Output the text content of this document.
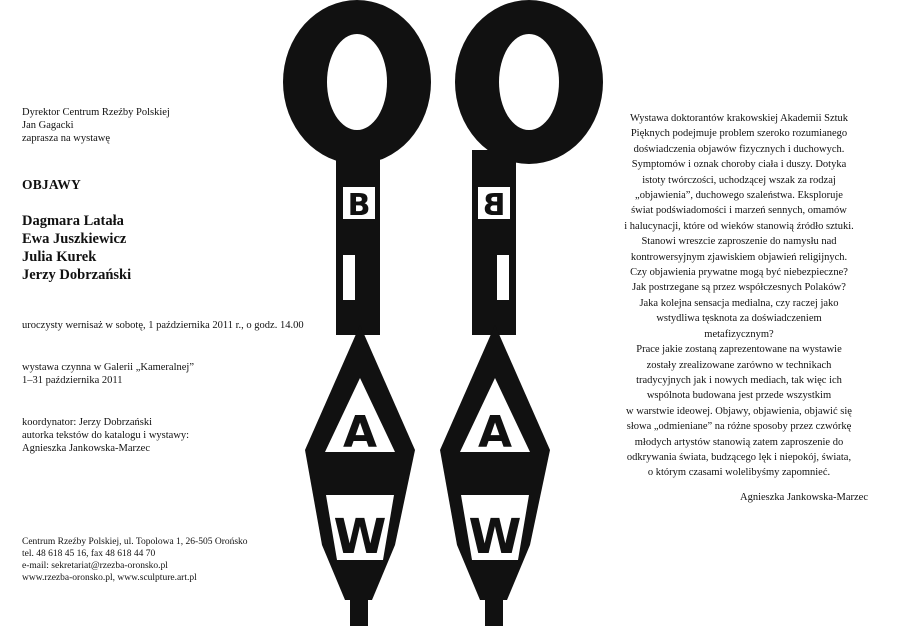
B
A
W
B
A
W
Dyrektor Centrum Rzeźby Polskiej
Jan Gagacki
zaprasza na wystawę
OBJAWY
Dagmara Latała
Ewa Juszkiewicz
Julia Kurek
Jerzy Dobrzański
uroczysty wernisaż w sobotę, 1 października 2011 r., o godz. 14.00
wystawa czynna w Galerii „Kameralnej”
1–31 października 2011
koordynator: Jerzy Dobrzański
autorka tekstów do katalogu i wystawy:
Agnieszka Jankowska-Marzec
Centrum Rzeźby Polskiej, ul. Topolowa 1, 26-505 Orońsko
tel. 48 618 45 16, fax 48 618 44 70
e-mail: sekretariat@rzezba-oronsko.pl
www.rzezba-oronsko.pl, www.sculpture.art.pl
Wystawa doktorantów krakowskiej Akademii Sztuk
Pięknych podejmuje problem szeroko rozumianego
doświadczenia objawów fizycznych i duchowych.
Symptomów i oznak choroby ciała i duszy. Dotyka
istoty twórczości, uchodzącej wszak za rodzaj
„objawienia”, duchowego szaleństwa. Eksploruje
świat podświadomości i marzeń sennych, omamów
i halucynacji, które od wieków stanowią źródło sztuki.
Stanowi wreszcie zaproszenie do namysłu nad
kontrowersyjnym zjawiskiem objawień religijnych.
Czy objawienia prywatne mogą być niebezpieczne?
Jak postrzegane są przez współczesnych Polaków?
Jaka kolejna sensacja medialna, czy raczej jako
wstydliwa tęsknota za doświadczeniem
metafizycznym?
Prace jakie zostaną zaprezentowane na wystawie
zostały zrealizowane zarówno w technikach
tradycyjnych jak i nowych mediach, tak więc ich
wspólnota budowana jest przede wszystkim
w warstwie ideowej. Objawy, objawienia, objawić się
słowa „odmieniane” na różne sposoby przez czwórkę
młodych artystów stanowią zatem zaproszenie do
odkrywania świata, budzącego lęk i niepokój, świata,
o którym czasami wolelibyśmy zapomnieć.
Agnieszka Jankowska-Marzec
